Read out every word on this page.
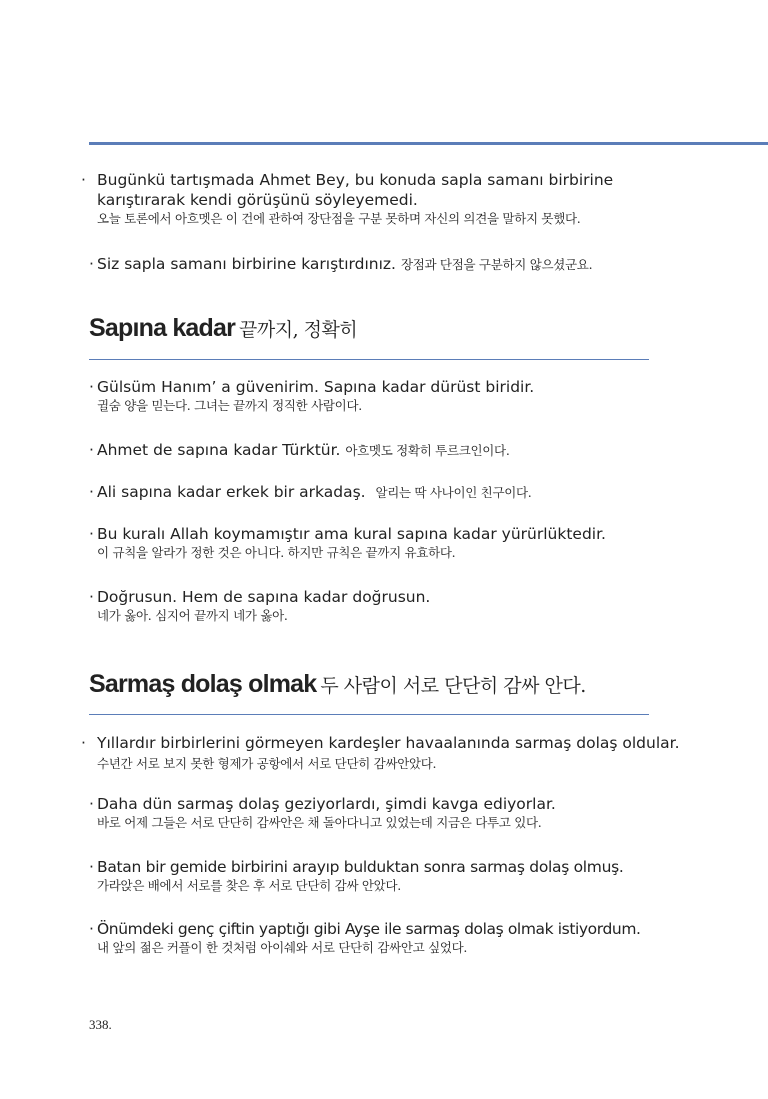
· Bugünkü tartışmada Ahmet Bey, bu konuda sapla samanı birbirine karıştırarak kendi görüşünü söyleyemedi.
오늘 토론에서 아흐멧은 이 건에 관하여 장단점을 구분 못하며 자신의 의견을 말하지 못했다.
· Siz sapla samanı birbirine karıştırdınız. 장점과 단점을 구분하지 않으셨군요.
Sapına kadar 끝까지, 정확히
· Gülsüm Hanım’ a güvenirim. Sapına kadar dürüst biridir.
귈숨 양을 믿는다. 그녀는 끝까지 정직한 사람이다.
· Ahmet de sapına kadar Türktür. 아흐멧도 정확히 투르크인이다.
· Ali sapına kadar erkek bir arkadaş. 알리는 딱 사나이인 친구이다.
· Bu kuralı Allah koymamıştır ama kural sapına kadar yürürlüktedir.
이 규칙을 알라가 정한 것은 아니다. 하지만 규칙은 끝까지 유효하다.
· Doğrusun. Hem de sapına kadar doğrusun.
네가 옳아. 심지어 끝까지 네가 옳아.
Sarmaş dolaş olmak 두 사람이 서로 단단히 감싸 안다.
· Yıllardır birbirlerini görmeyen kardeşler havaalanında sarmaş dolaş oldular.  수년간 서로 보지 못한 형제가 공항에서 서로 단단히 감싸안았다.
· Daha dün sarmaş dolaş geziyorlardı, şimdi kavga ediyorlar.
바로 어제 그들은 서로 단단히 감싸안은 채 돌아다니고 있었는데 지금은 다투고 있다.
· Batan bir gemide birbirini arayıp bulduktan sonra sarmaş dolaş olmuş.
가라앉은 배에서 서로를 찾은 후 서로 단단히 감싸 안았다.
· Önümdeki genç çiftin yaptığı gibi Ayşe ile sarmaş dolaş olmak istiyordum.
내 앞의 젊은 커플이 한 것처럼 아이쉐와 서로 단단히 감싸안고 싶었다.
338.
